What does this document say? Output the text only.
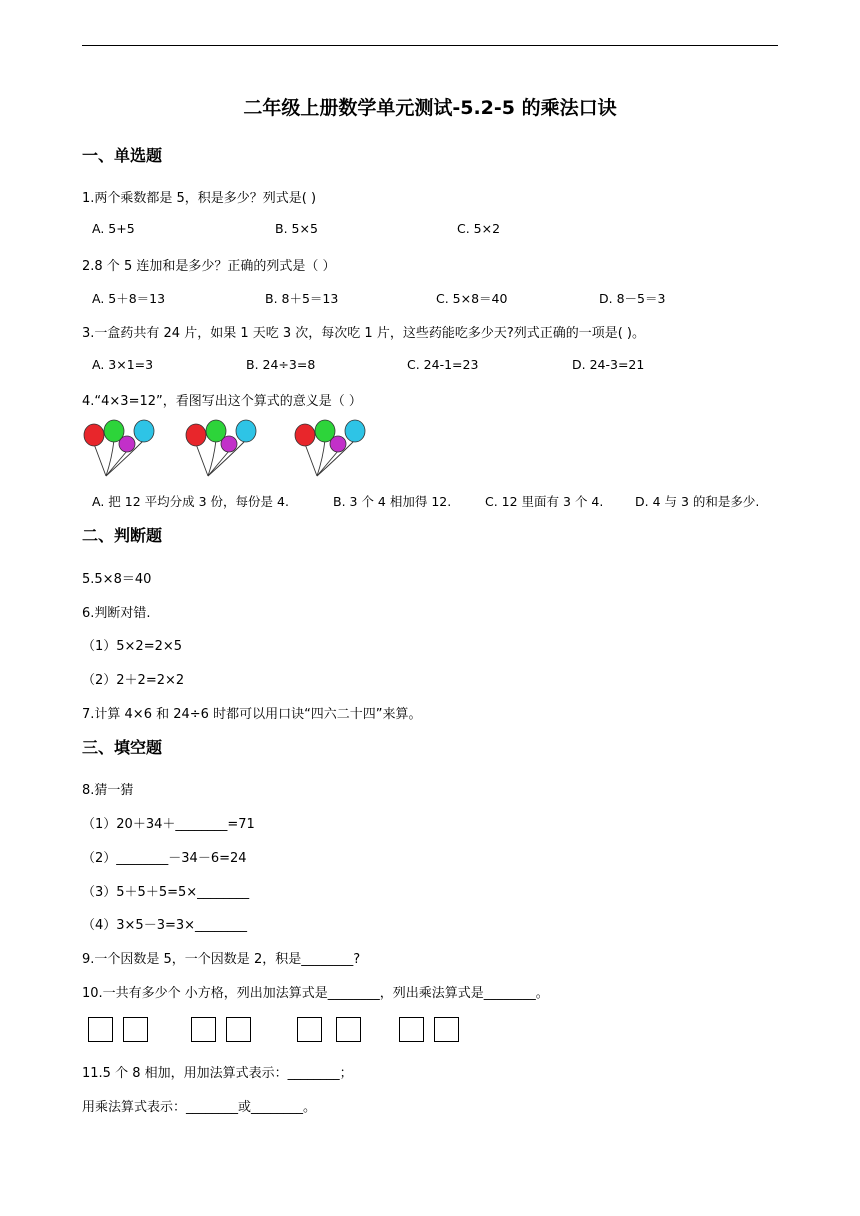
二年级上册数学单元测试-5.2-5 的乘法口诀
一、单选题
1.两个乘数都是 5，积是多少？列式是( )
A. 5+5	B. 5×5	C. 5×2
2.8 个 5 连加和是多少？正确的列式是（ ）
A. 5＋8＝13	B. 8＋5＝13	C. 5×8＝40	D. 8－5＝3
3.一盒药共有 24 片，如果 1 天吃 3 次，每次吃 1 片，这些药能吃多少天?列式正确的一项是( )。
A. 3×1=3	B. 24÷3=8	C. 24-1=23	D. 24-3=21
4.“4×3=12”，看图写出这个算式的意义是（ ）
A. 把 12 平均分成 3 份，每份是 4.	B. 3 个 4 相加得 12.	C. 12 里面有 3 个 4.	D. 4 与 3 的和是多少.
二、判断题
5.5×8＝40
6.判断对错.
（1）5×2=2×5
（2）2＋2=2×2
7.计算 4×6 和 24÷6 时都可以用口诀“四六二十四”来算。
三、填空题
8.猜一猜
（1）20＋34＋________=71
（2）________－34－6=24
（3）5＋5＋5=5×________
（4）3×5－3=3×________
9.一个因数是 5，一个因数是 2，积是________?
10.一共有多少个 小方格，列出加法算式是________，列出乘法算式是________。
11.5 个 8 相加，用加法算式表示：________；
用乘法算式表示：________或________。
